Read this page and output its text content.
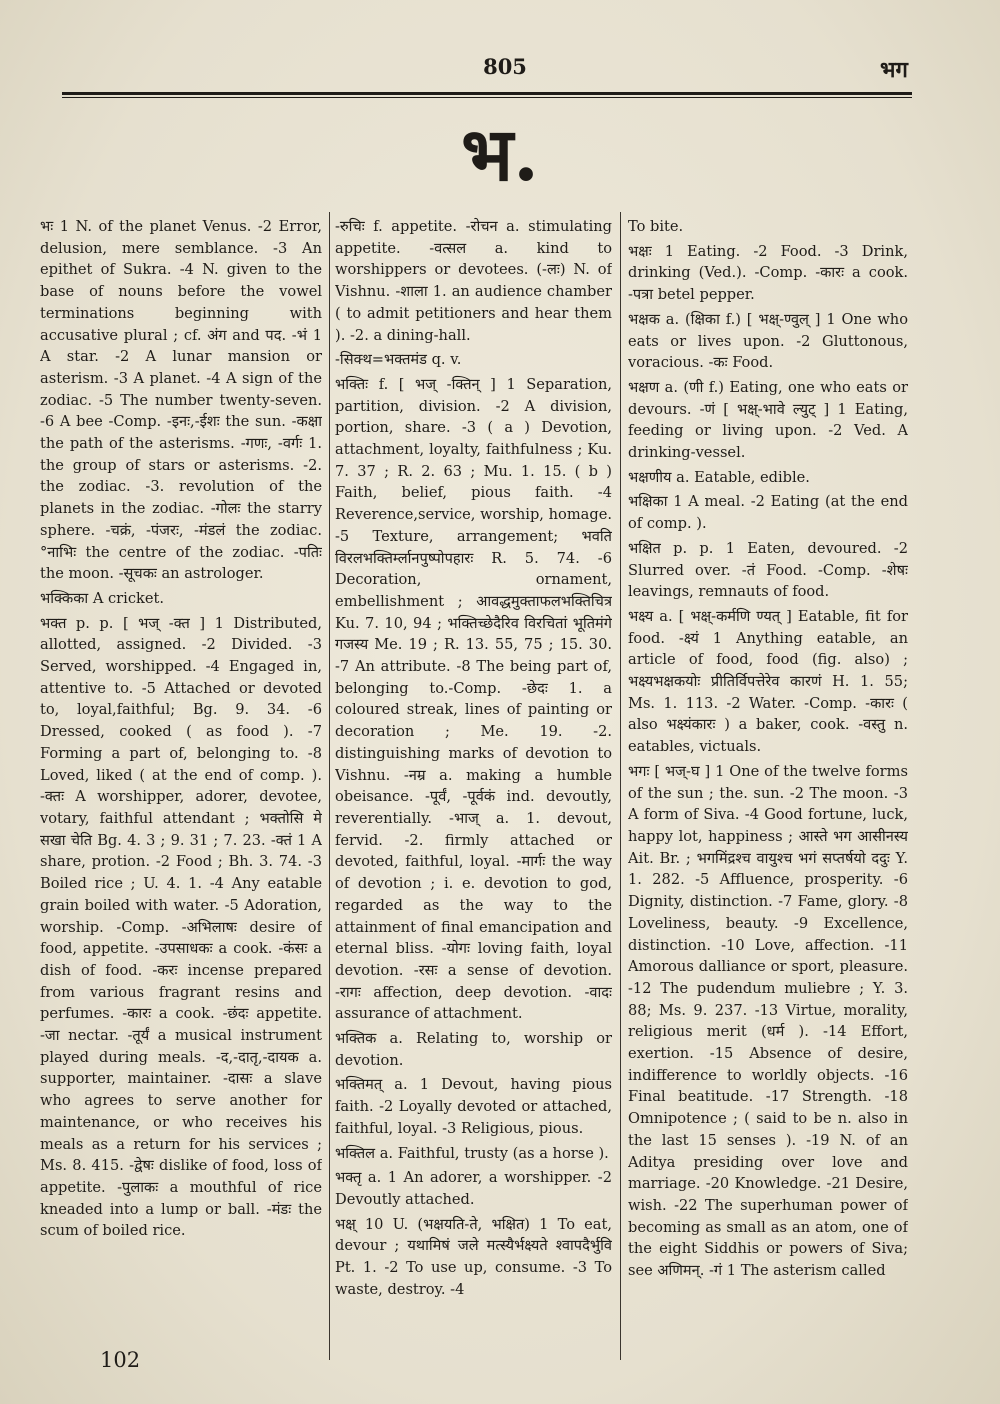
805	भग
भ.

भः 1 N. of the planet Venus. -2 Error, delusion, mere semblance. -3 An epithet of Sukra. -4 N. given to the base of nouns before the vowel terminations beginning with accusative plural ; cf. अंग and पद. -भं 1 A star. -2 A lunar mansion or asterism. -3 A planet. -4 A sign of the zodiac. -5 The number twenty-seven. -6 A bee -Comp. -इनः,-ईशः the sun. -कक्षा the path of the asterisms. -गणः, -वर्गः 1. the group of stars or asterisms. -2. the zodiac. -3. revolution of the planets in the zodiac. -गोलः the starry sphere. -चक्रं, -पंजरः, -मंडलं the zodiac. °नाभिः the centre of the zodiac. -पतिः the moon. -सूचकः an astrologer.

भक्किका A cricket.

भक्त p. p. [ भज् -क्त ] 1 Distributed, allotted, assigned. -2 Divided. -3 Served, worshipped. -4 Engaged in, attentive to. -5 Attached or devoted to, loyal,faithful; Bg. 9. 34. -6 Dressed, cooked ( as food ). -7 Forming a part of, belonging to. -8 Loved, liked ( at the end of comp. ). -क्तः A worshipper, adorer, devotee, votary, faithful attendant ; भक्तोसि मे सखा चेति Bg. 4. 3 ; 9. 31 ; 7. 23. -क्तं 1 A share, protion. -2 Food ; Bh. 3. 74. -3 Boiled rice ; U. 4. 1. -4 Any eatable grain boiled with water. -5 Adoration, worship. -Comp. -अभिलाषः desire of food, appetite. -उपसाधकः a cook. -कंसः a dish of food. -करः incense prepared from various fragrant resins and perfumes. -कारः a cook. -छंदः appetite. -जा nectar. -तूर्यं a musical instrument played during meals. -द,-दातृ,-दायक a. supporter, maintainer. -दासः a slave who agrees to serve another for maintenance, or who receives his meals as a return for his services ; Ms. 8. 415. -द्वेषः dislike of food, loss of appetite. -पुलाकः a mouthful of rice kneaded into a lump or ball. -मंडः the scum of boiled rice.

-रुचिः f. appetite. -रोचन a. stimulating appetite. -वत्सल a. kind to worshippers or devotees. (-लः) N. of Vishnu. -शाला 1. an audience chamber ( to admit petitioners and hear them ). -2. a dining-hall.

-सिक्थ=भक्तमंड q. v.

भक्तिः f. [ भज् -क्तिन् ] 1 Separation, partition, division. -2 A division, portion, share. -3 ( a ) Devotion, attachment, loyalty, faithfulness ; Ku. 7. 37 ; R. 2. 63 ; Mu. 1. 15. ( b ) Faith, belief, pious faith. -4 Reverence,service, worship, homage. -5 Texture, arrangement; भवति विरलभक्तिर्म्लानपुष्पोपहारः R. 5. 74. -6 Decoration, ornament, embellishment ; आवद्धमुक्ताफलभक्तिचित्र Ku. 7. 10, 94 ; भक्तिच्छेदैरिव विरचितां भूतिमंगे गजस्य Me. 19 ; R. 13. 55, 75 ; 15. 30. -7 An attribute. -8 The being part of, belonging to.-Comp. -छेदः 1. a coloured streak, lines of painting or decoration ; Me. 19. -2. distinguishing marks of devotion to Vishnu. -नम्र a. making a humble obeisance. -पूर्वं, -पूर्वकं ind. devoutly, reverentially. -भाज् a. 1. devout, fervid. -2. firmly attached or devoted, faithful, loyal. -मार्गः the way of devotion ; i. e. devotion to god, regarded as the way to the attainment of final emancipation and eternal bliss. -योगः loving faith, loyal devotion. -रसः a sense of devotion. -रागः affection, deep devotion. -वादः assurance of attachment.

भक्तिक a. Relating to, worship or devotion.

भक्तिमत् a. 1 Devout, having pious faith. -2 Loyally devoted or attached, faithful, loyal. -3 Religious, pious.

भक्तिल a. Faithful, trusty (as a horse ).

भक्तृ a. 1 An adorer, a worshipper. -2 Devoutly attached.

भक्ष् 10 U. (भक्षयति-ते, भक्षित) 1 To eat, devour ; यथामिषं जले मत्स्यैर्भक्ष्यते श्वापदैर्भुवि Pt. 1. -2 To use up, consume. -3 To waste, destroy. -4

To bite.

भक्षः 1 Eating. -2 Food. -3 Drink, drinking (Ved.). -Comp. -कारः a cook. -पत्रा betel pepper.

भक्षक a. (क्षिका f.) [ भक्ष्-ण्वुल् ] 1 One who eats or lives upon. -2 Gluttonous, voracious. -कः Food.

भक्षण a. (णी f.) Eating, one who eats or devours. -णं [ भक्ष्-भावे ल्युट् ] 1 Eating, feeding or living upon. -2 Ved. A drinking-vessel.

भक्षणीय a. Eatable, edible.

भक्षिका 1 A meal. -2 Eating (at the end of comp. ).

भक्षित p. p. 1 Eaten, devoured. -2 Slurred over. -तं Food. -Comp. -शेषः leavings, remnauts of food.

भक्ष्य a. [ भक्ष्-कर्मणि ण्यत् ] Eatable, fit for food. -क्ष्यं 1 Anything eatable, an article of food, food (fig. also) ; भक्ष्यभक्षकयोः प्रीतिर्विपत्तेरेव कारणं H. 1. 55; Ms. 1. 113. -2 Water. -Comp. -कारः ( also भक्ष्यंकारः ) a baker, cook. -वस्तु n. eatables, victuals.

भगः [ भज्-घ ] 1 One of the twelve forms of the sun ; the. sun. -2 The moon. -3 A form of Siva. -4 Good fortune, luck, happy lot, happiness ; आस्ते भग आसीनस्य Ait. Br. ; भगमिंद्रश्च वायुश्च भगं सप्तर्षयो ददुः Y. 1. 282. -5 Affluence, prosperity. -6 Dignity, distinction. -7 Fame, glory. -8 Loveliness, beauty. -9 Excellence, distinction. -10 Love, affection. -11 Amorous dalliance or sport, pleasure. -12 The pudendum muliebre ; Y. 3. 88; Ms. 9. 237. -13 Virtue, morality, religious merit (धर्म ). -14 Effort, exertion. -15 Absence of desire, indifference to worldly objects. -16 Final beatitude. -17 Strength. -18 Omnipotence ; ( said to be n. also in the last 15 senses ). -19 N. of an Aditya presiding over love and marriage. -20 Knowledge. -21 Desire, wish. -22 The superhuman power of becoming as small as an atom, one of the eight Siddhis or powers of Siva; see अणिमन्. -गं 1 The asterism called

102
